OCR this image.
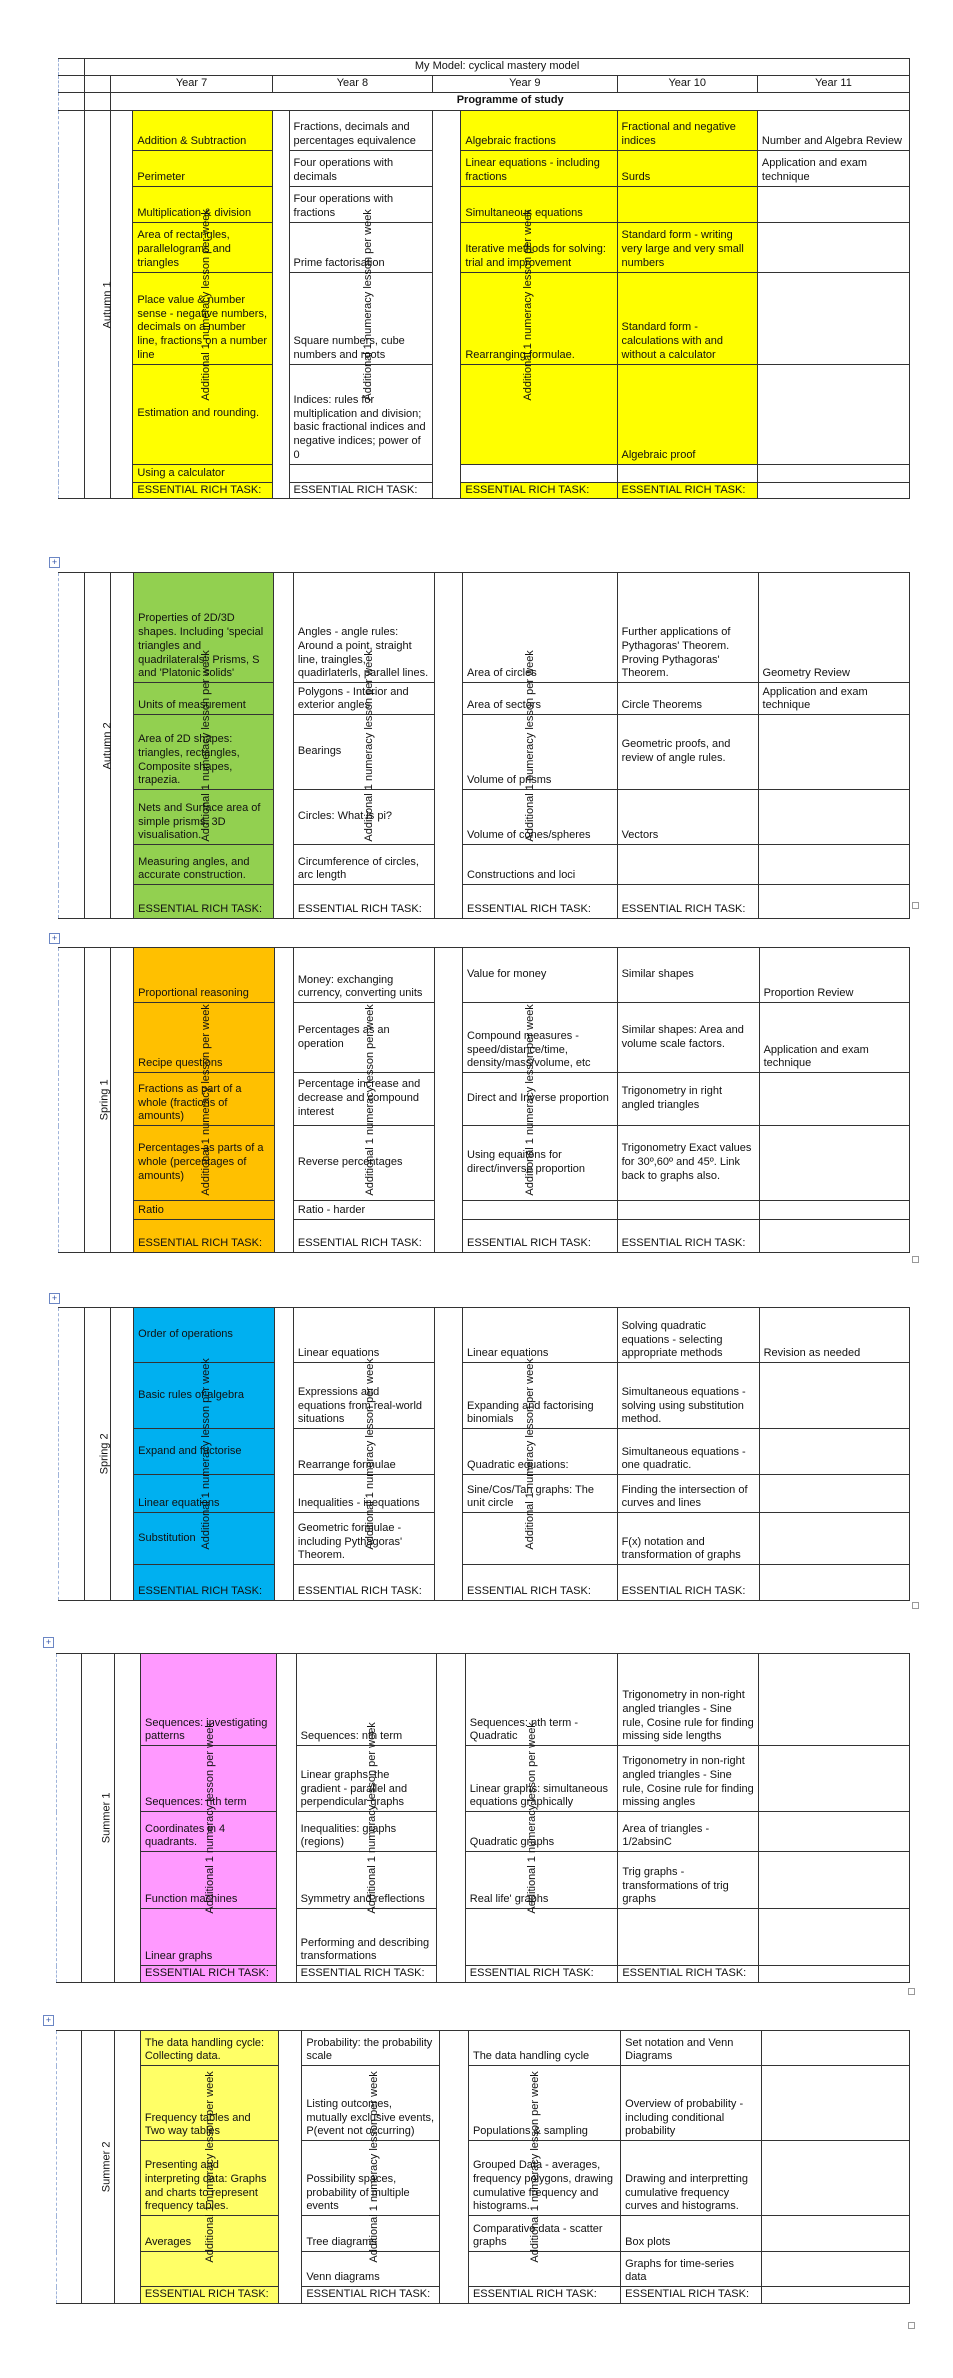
	My Model: cyclical mastery model								
		Year 7		Year 8		Year 9		Year 10	Year 11
		Programme of study							
	Autumn 1	Additional 1 numeracy lesson per week	Addition & Subtraction	Additional 1 numeracy lesson per week	Fractions, decimals and percentages equivalence	Additional 1 numeracy lesson per week	Algebraic fractions	Fractional and negative indices	Number and Algebra Review
			Perimeter		Four operations with decimals		Linear equations - including fractions	Surds	Application and exam technique
			Multiplication & division		Four operations with fractions		Simultaneous equations		
			Area of rectangles, parallelograms and triangles		Prime factorisation		Iterative methods for solving: trial and improvement	Standard form - writing very large and very small numbers	
			Place value & number sense - negative numbers, decimals on a number line, fractions on a number line		Square numbers, cube numbers and roots		Rearranging formulae.	Standard form - calculations with and without a calculator	
			Estimation and rounding.		Indices: rules for multiplication and division; basic fractional indices and negative indices; power of 0			Algebraic proof	
			Using a calculator						
			ESSENTIAL RICH TASK:		ESSENTIAL RICH TASK:		ESSENTIAL RICH TASK:	ESSENTIAL RICH TASK:	
+
	Autumn 2	Additional 1 numeracy lesson per week	Properties of 2D/3D shapes. Including 'special triangles and quadrilaterals'; Prisms, S and 'Platonic solids'	Additional 1 numeracy lesson per week	Angles - angle rules: Around a point, straight line, traingles, quadirlaterls, parallel lines.	Additional 1 numeracy lesson per week	Area of circles	Further applications of Pythagoras' Theorem. Proving Pythagoras' Theorem.	Geometry Review
			Units of measurement		Polygons - Interior and exterior angles		Area of sectors	Circle Theorems	Application and exam technique
			Area of 2D shapes: triangles, rectangles, Composite shapes, trapezia.		Bearings		Volume of prisms	Geometric proofs, and review of angle rules.	
			Nets and Surface area of simple prisms. 3D visualisation.		Circles: What is pi?		Volume of cones/spheres	Vectors	
			Measuring angles, and accurate construction.		Circumference of circles, arc length		Constructions and loci		
			ESSENTIAL RICH TASK:		ESSENTIAL RICH TASK:		ESSENTIAL RICH TASK:	ESSENTIAL RICH TASK:	
+
	Spring 1	Additional 1 numeracy lesson per week	Proportional reasoning	Additional 1 numeracy lesson per week	Money: exchanging currency, converting units	Additional 1 numeracy lesson per week	Value for money	Similar shapes	Proportion Review
			Recipe questions		Percentages as an operation		Compound measures - speed/distance/time, density/mass/volume, etc	Similar shapes: Area and volume scale factors.	Application and exam technique
			Fractions as part of a whole (fractions of amounts)		Percentage increase and decrease and compound interest		Direct and Inverse proportion	Trigonometry in right angled triangles	
			Percentages as parts of a whole (percentages of amounts)		Reverse percentages		Using equaitons for direct/inverse proportion	Trigonometry Exact values for 30º,60º and 45º. Link back to graphs also.	
			Ratio		Ratio - harder				
			ESSENTIAL RICH TASK:		ESSENTIAL RICH TASK:		ESSENTIAL RICH TASK:	ESSENTIAL RICH TASK:	
+
	Spring 2	Additional 1 numeracy lesson per week	Order of operations	Additional 1 numeracy lesson per week	Linear equations	Additional 1 numeracy lesson per week	Linear equations	Solving quadratic equations - selecting appropriate methods	Revision as needed
			Basic rules of algebra		Expressions and equations from real-world situations		Expanding and factorising binomials	Simultaneous equations - solving using substitution method.	
			Expand and factorise		Rearrange formulae		Quadratic equations:	Simultaneous equations - one quadratic.	
			Linear equations		Inequalities - inequations		Sine/Cos/Tan graphs: The unit circle	Finding the intersection of curves and lines	
			Substitution		Geometric formulae - including Pythagoras' Theorem.			F(x) notation and transformation of graphs	
			ESSENTIAL RICH TASK:		ESSENTIAL RICH TASK:		ESSENTIAL RICH TASK:	ESSENTIAL RICH TASK:	
+
	Summer 1	Additional 1 numeracy lesson per week	Sequences: investigating patterns	Additional 1 numeracy lesson per week	Sequences: nth term	Additional 1 numeracy lesson per week	Sequences: nth term - Quadratic	Trigonometry in non-right angled triangles - Sine rule, Cosine rule for finding missing side lengths	
			Sequences: nth term		Linear graphs: the gradient - parallel and perpendicular graphs		Linear graphs: simultaneous equations graphically	Trigonometry in non-right angled triangles - Sine rule, Cosine rule for finding missing angles	
			Coordinates in 4 quadrants.		Inequalities: graphs (regions)		Quadratic graphs	Area of triangles - 1/2absinC	
			Function machines		Symmetry and reflections		Real life' graphs	Trig graphs - transformations of trig graphs	
			Linear graphs		Performing and describing transformations				
			ESSENTIAL RICH TASK:		ESSENTIAL RICH TASK:		ESSENTIAL RICH TASK:	ESSENTIAL RICH TASK:	
+
	Summer 2	Additional 1 numeracy lesson per week	The data handling cycle: Collecting data.	Additional 1 numeracy lesson per week	Probability: the probability scale	Additional 1 numeracy lesson per week	The data handling cycle	Set notation and Venn Diagrams	
			Frequency tables and Two way tables		Listing outcomes, mutually exclusive events, P(event not occurring)		Populations & sampling	Overview of probability - including conditional probability	
			Presenting and interpreting data: Graphs and charts to represent frequency tables.		Possibility spaces, probability of multiple events		Grouped Data - averages, frequency polygons, drawing cumulative frequency and histograms.	Drawing and interpretting cumulative frequency curves and histograms.	
			Averages		Tree diagrams		Comparative data - scatter graphs	Box plots	
					Venn diagrams			Graphs for time-series data	
			ESSENTIAL RICH TASK:		ESSENTIAL RICH TASK:		ESSENTIAL RICH TASK:	ESSENTIAL RICH TASK:	
